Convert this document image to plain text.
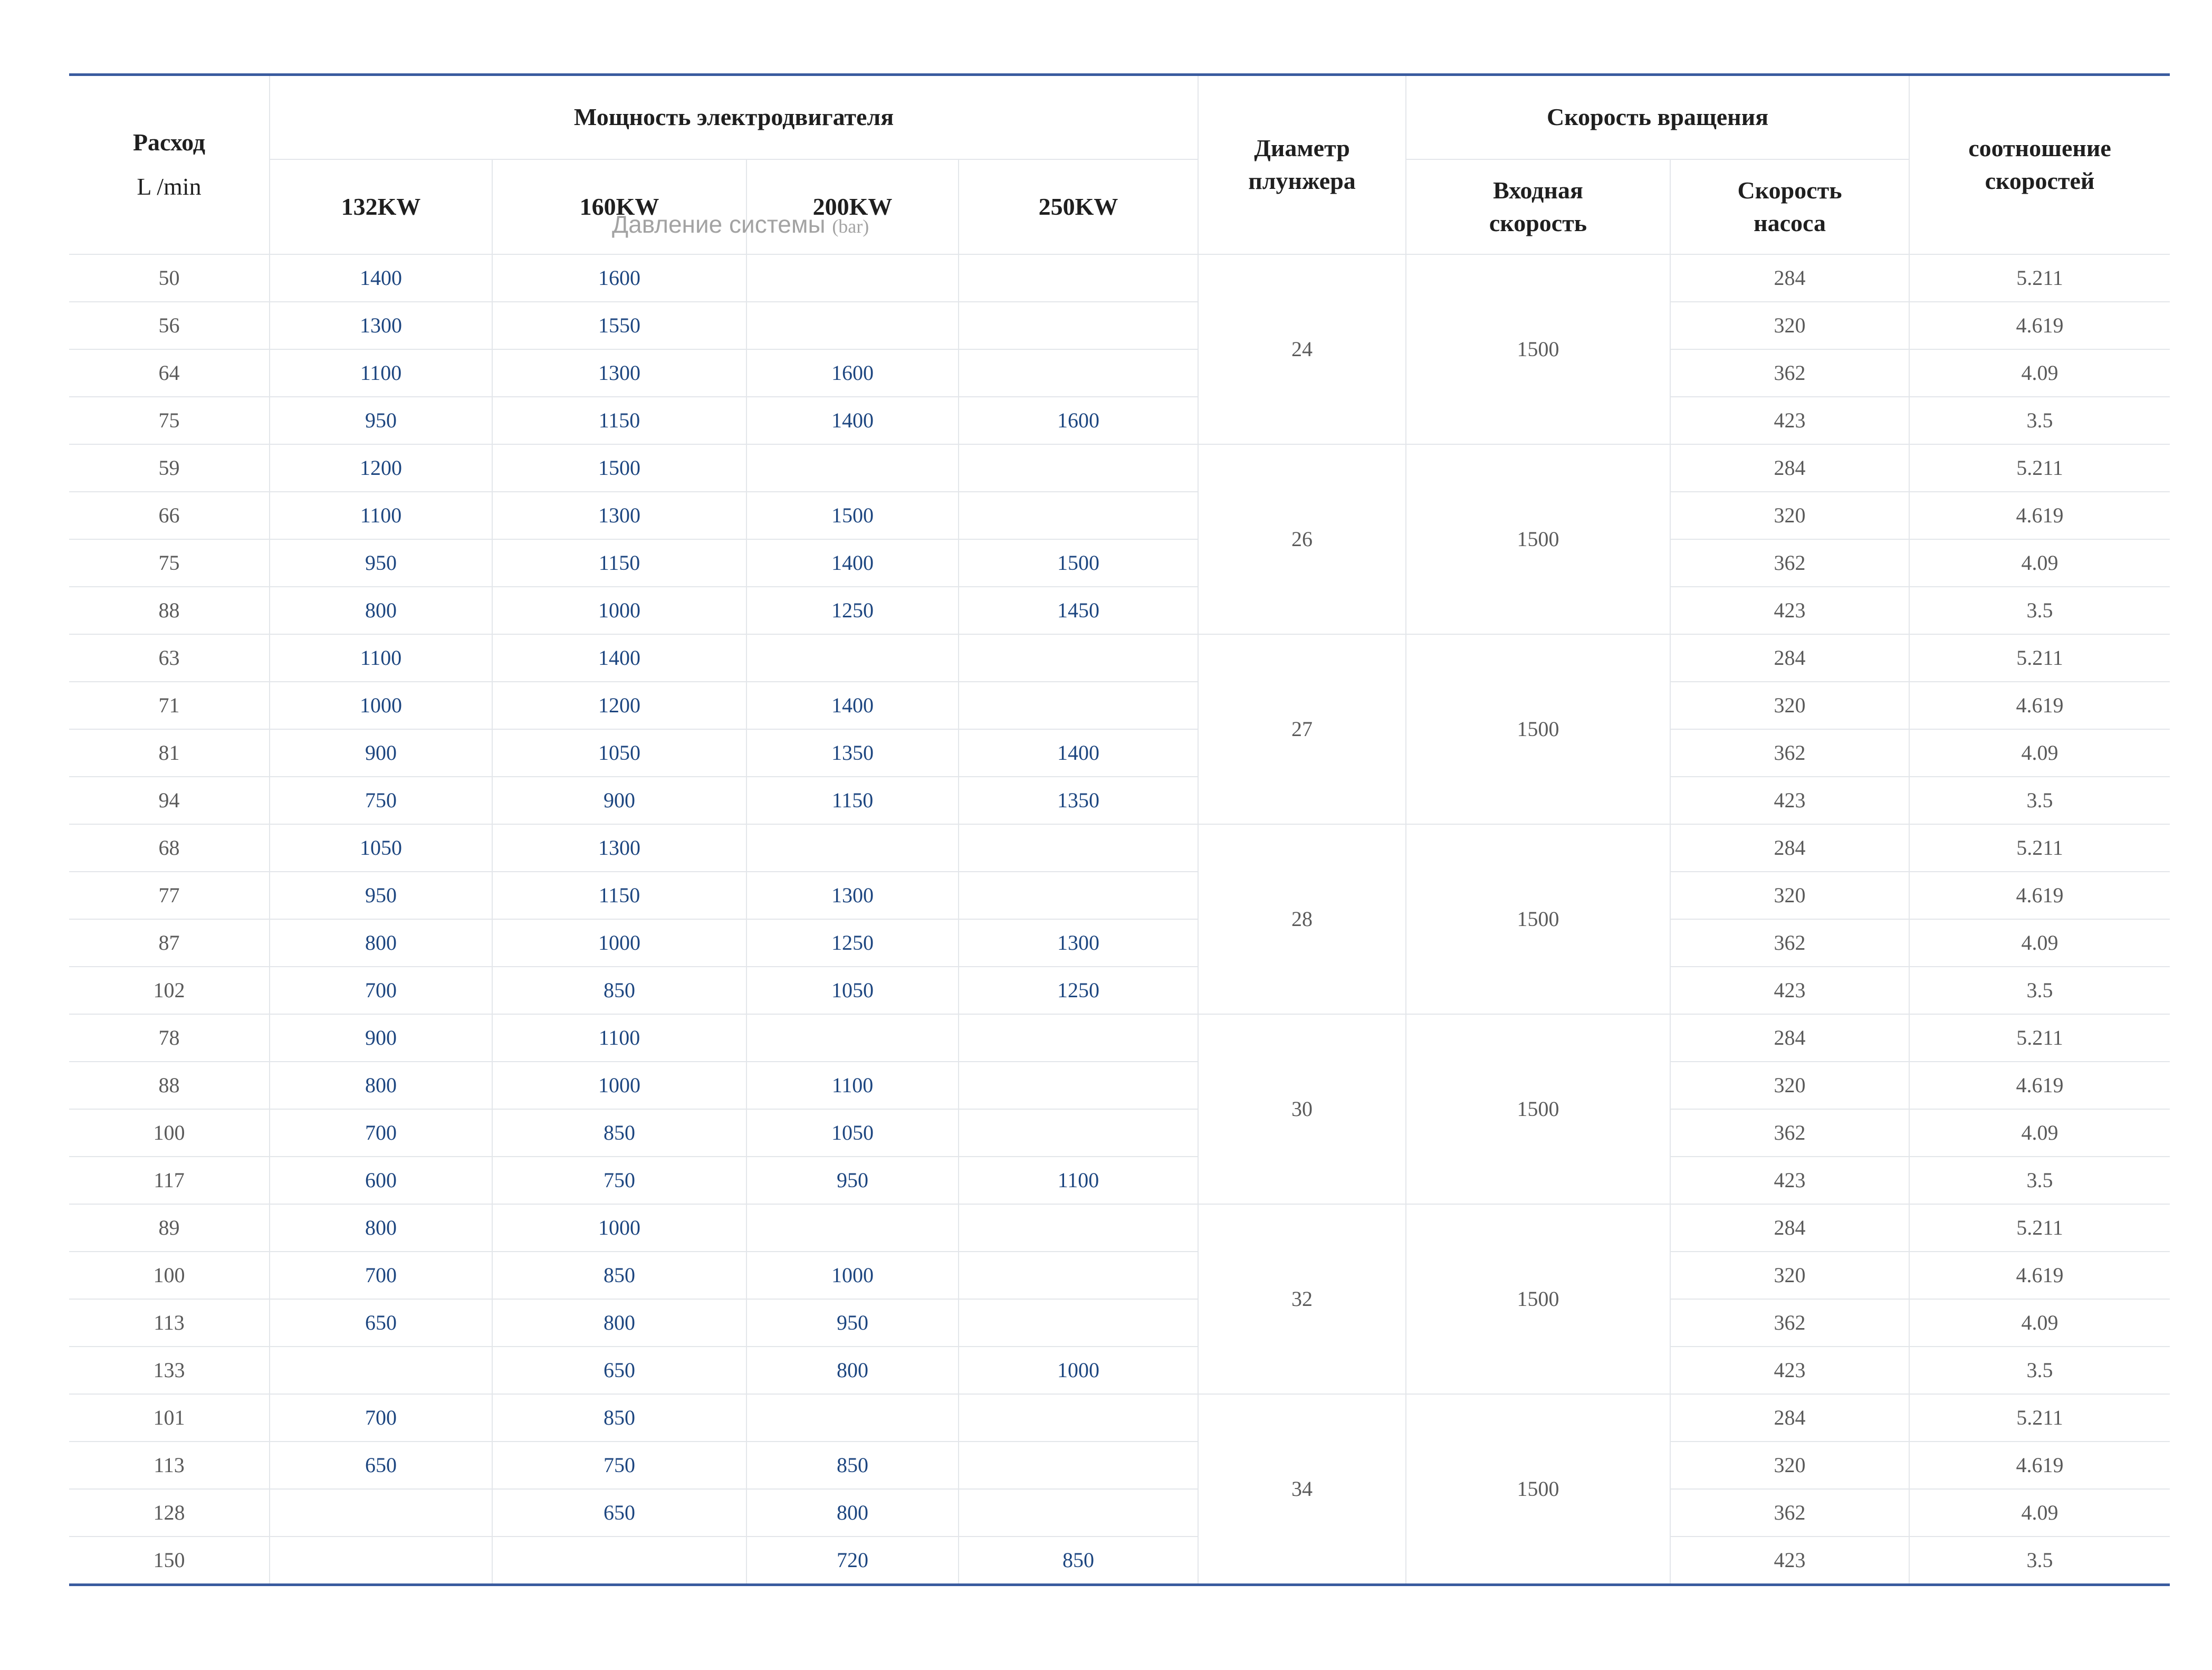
Расход
L /min	Мощность электродвигателя				Диаметр плунжера	Скорость вращения		соотношение скоростей
	132KW	160KW	200KW	250KW		Входная скорость	Скорость насоса	
50	1400	1600			24	1500	284	5.211
56	1300	1550					320	4.619
64	1100	1300	1600				362	4.09
75	950	1150	1400	1600			423	3.5
59	1200	1500			26	1500	284	5.211
66	1100	1300	1500				320	4.619
75	950	1150	1400	1500			362	4.09
88	800	1000	1250	1450			423	3.5
63	1100	1400			27	1500	284	5.211
71	1000	1200	1400				320	4.619
81	900	1050	1350	1400			362	4.09
94	750	900	1150	1350			423	3.5
68	1050	1300			28	1500	284	5.211
77	950	1150	1300				320	4.619
87	800	1000	1250	1300			362	4.09
102	700	850	1050	1250			423	3.5
78	900	1100			30	1500	284	5.211
88	800	1000	1100				320	4.619
100	700	850	1050				362	4.09
117	600	750	950	1100			423	3.5
89	800	1000			32	1500	284	5.211
100	700	850	1000				320	4.619
113	650	800	950				362	4.09
133		650	800	1000			423	3.5
101	700	850			34	1500	284	5.211
113	650	750	850				320	4.619
128		650	800				362	4.09
150			720	850			423	3.5
Давление системы (bar)
